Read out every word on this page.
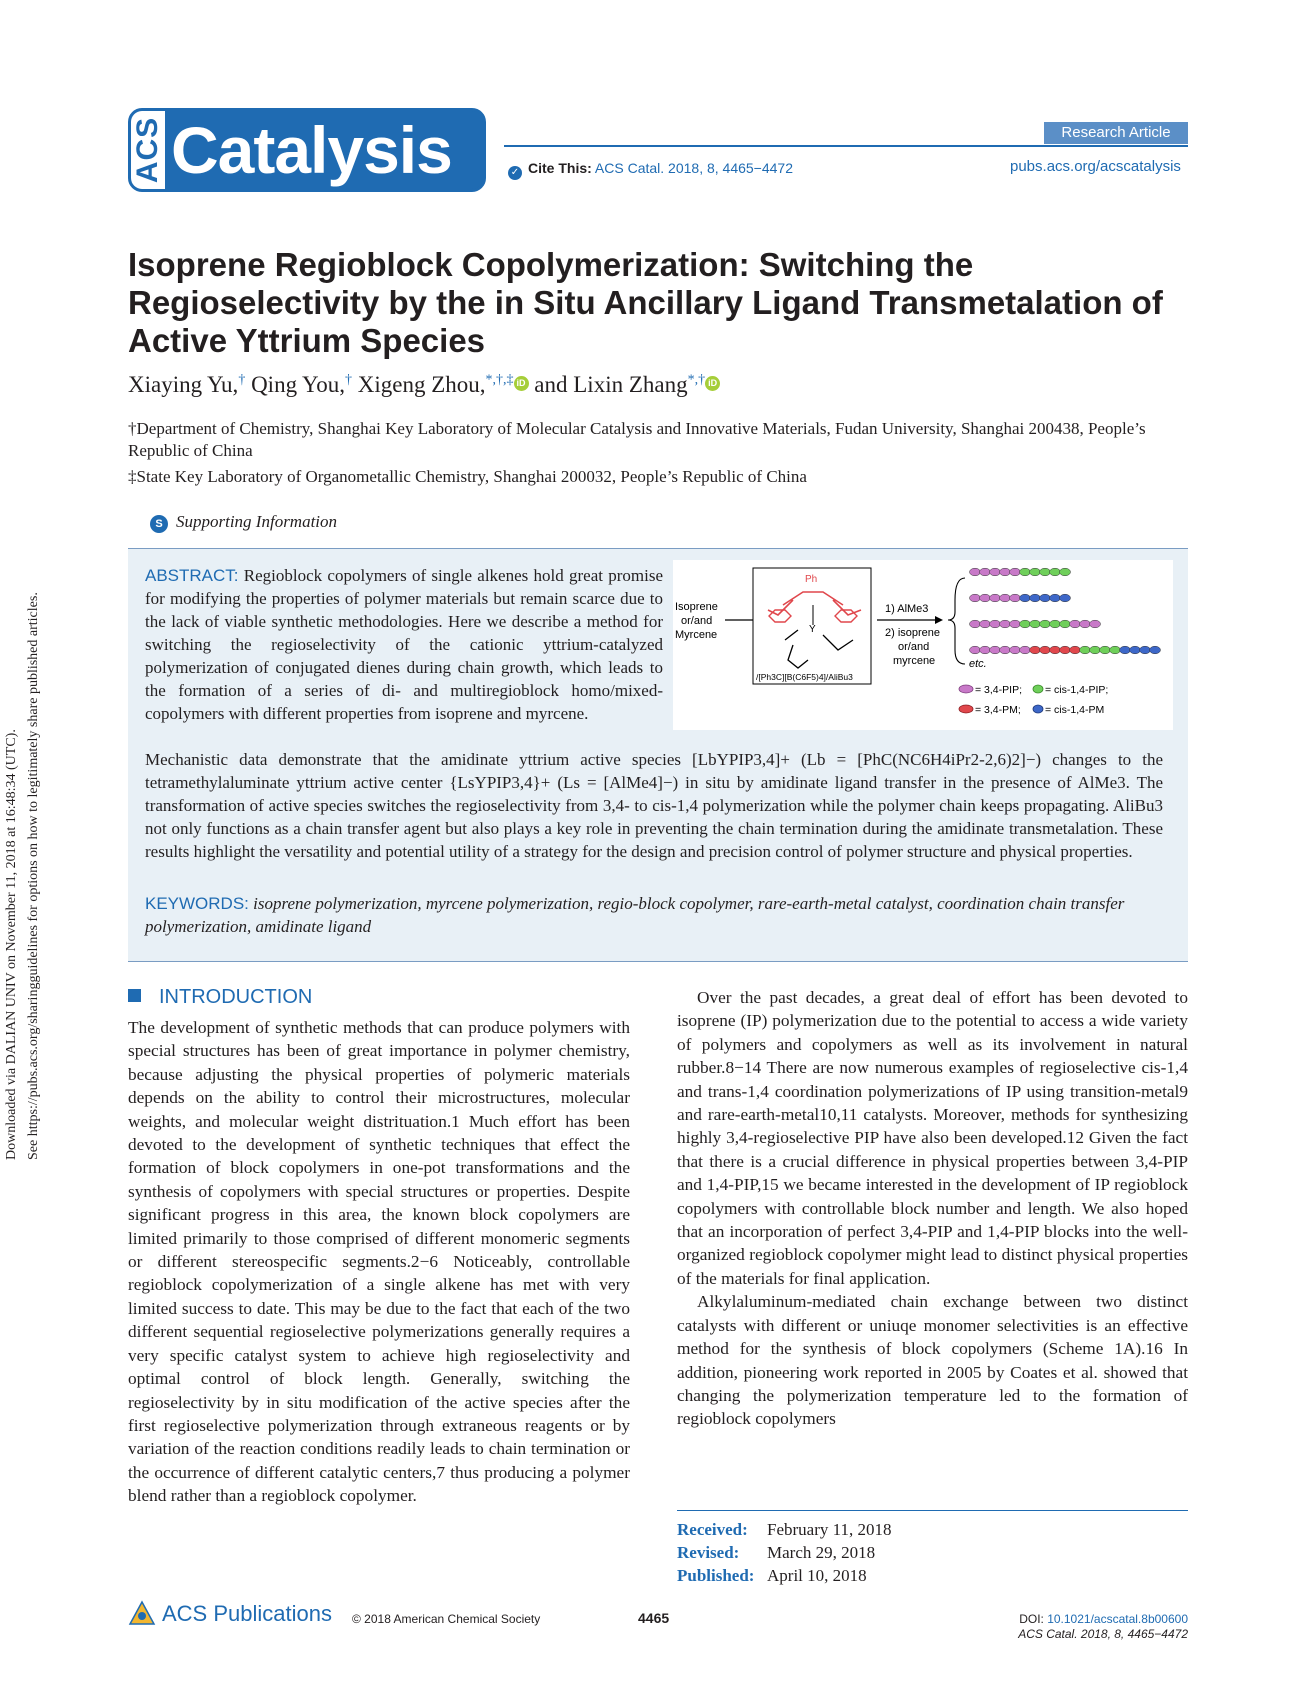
ACS Catalysis	Research Article
✓ Cite This: ACS Catal. 2018, 8, 4465−4472	pubs.acs.org/acscatalysis
Isoprene Regioblock Copolymerization: Switching the Regioselectivity by the in Situ Ancillary Ligand Transmetalation of Active Yttrium Species
Xiaying Yu,† Qing You,† Xigeng Zhou,*,†,‡ iD and Lixin Zhang*,† iD
†Department of Chemistry, Shanghai Key Laboratory of Molecular Catalysis and Innovative Materials, Fudan University, Shanghai 200438, People’s Republic of China
‡State Key Laboratory of Organometallic Chemistry, Shanghai 200032, People’s Republic of China
S Supporting Information
ABSTRACT: Regioblock copolymers of single alkenes hold great promise for modifying the properties of polymer materials but remain scarce due to the lack of viable synthetic methodologies. Here we describe a method for switching the regioselectivity of the cationic yttrium-catalyzed polymerization of conjugated dienes during chain growth, which leads to the formation of a series of di- and multiregioblock homo/mixed-copolymers with different properties from isoprene and myrcene.
Mechanistic data demonstrate that the amidinate yttrium active species [LbYPIP3,4]+ (Lb = [PhC(NC6H4iPr2-2,6)2]−) changes to the tetramethylaluminate yttrium active center {LsYPIP3,4}+ (Ls = [AlMe4]−) in situ by amidinate ligand transfer in the presence of AlMe3. The transformation of active species switches the regioselectivity from 3,4- to cis-1,4 polymerization while the polymer chain keeps propagating. AliBu3 not only functions as a chain transfer agent but also plays a key role in preventing the chain termination during the amidinate transmetalation. These results highlight the versatility and potential utility of a strategy for the design and precision control of polymer structure and physical properties.
KEYWORDS: isoprene polymerization, myrcene polymerization, regio-block copolymer, rare-earth-metal catalyst, coordination chain transfer polymerization, amidinate ligand
Isoprene
or/and
Myrcene
Ph
Y
/[Ph3C][B(C6F5)4]/AliBu3
1) AlMe3
2) isoprene
or/and
myrcene	etc.
= 3,4-PIP; = cis-1,4-PIP;
= 3,4-PM; = cis-1,4-PM
Downloaded via DALIAN UNIV on November 11, 2018 at 16:48:34 (UTC). See https://pubs.acs.org/sharingguidelines for options on how to legitimately share published articles.	INTRODUCTION

The development of synthetic methods that can produce polymers with special structures has been of great importance in polymer chemistry, because adjusting the physical properties of polymeric materials depends on the ability to control their microstructures, molecular weights, and molecular weight distrituation.1 Much effort has been devoted to the development of synthetic techniques that effect the formation of block copolymers in one-pot transformations and the synthesis of copolymers with special structures or properties. Despite significant progress in this area, the known block copolymers are limited primarily to those comprised of different monomeric segments or different stereospecific segments.2−6 Noticeably, controllable regioblock copolymerization of a single alkene has met with very limited success to date. This may be due to the fact that each of the two different sequential regioselective polymerizations generally requires a very specific catalyst system to achieve high regioselectivity and optimal control of block length. Generally, switching the regioselectivity by in situ modification of the active species after the first regioselective polymerization through extraneous reagents or by variation of the reaction conditions readily leads to chain termination or the occurrence of different catalytic centers,7 thus producing a polymer blend rather than a regioblock copolymer.

Over the past decades, a great deal of effort has been devoted to isoprene (IP) polymerization due to the potential to access a wide variety of polymers and copolymers as well as its involvement in natural rubber.8−14 There are now numerous examples of regioselective cis-1,4 and trans-1,4 coordination polymerizations of IP using transition-metal9 and rare-earth-metal10,11 catalysts. Moreover, methods for synthesizing highly 3,4-regioselective PIP have also been developed.12 Given the fact that there is a crucial difference in physical properties between 3,4-PIP and 1,4-PIP,15 we became interested in the development of IP regioblock copolymers with controllable block number and length. We also hoped that an incorporation of perfect 3,4-PIP and 1,4-PIP blocks into the well-organized regioblock copolymer might lead to distinct physical properties of the materials for final application.

Alkylaluminum-mediated chain exchange between two distinct catalysts with different or uniuqe monomer selectivities is an effective method for the synthesis of block copolymers (Scheme 1A).16 In addition, pioneering work reported in 2005 by Coates et al. showed that changing the polymerization temperature led to the formation of regioblock copolymers

Received: February 11, 2018
Revised: March 29, 2018
Published: April 10, 2018
ACS Publications © 2018 American Chemical Society	4465	DOI: 10.1021/acscatal.8b00600
ACS Catal. 2018, 8, 4465−4472
